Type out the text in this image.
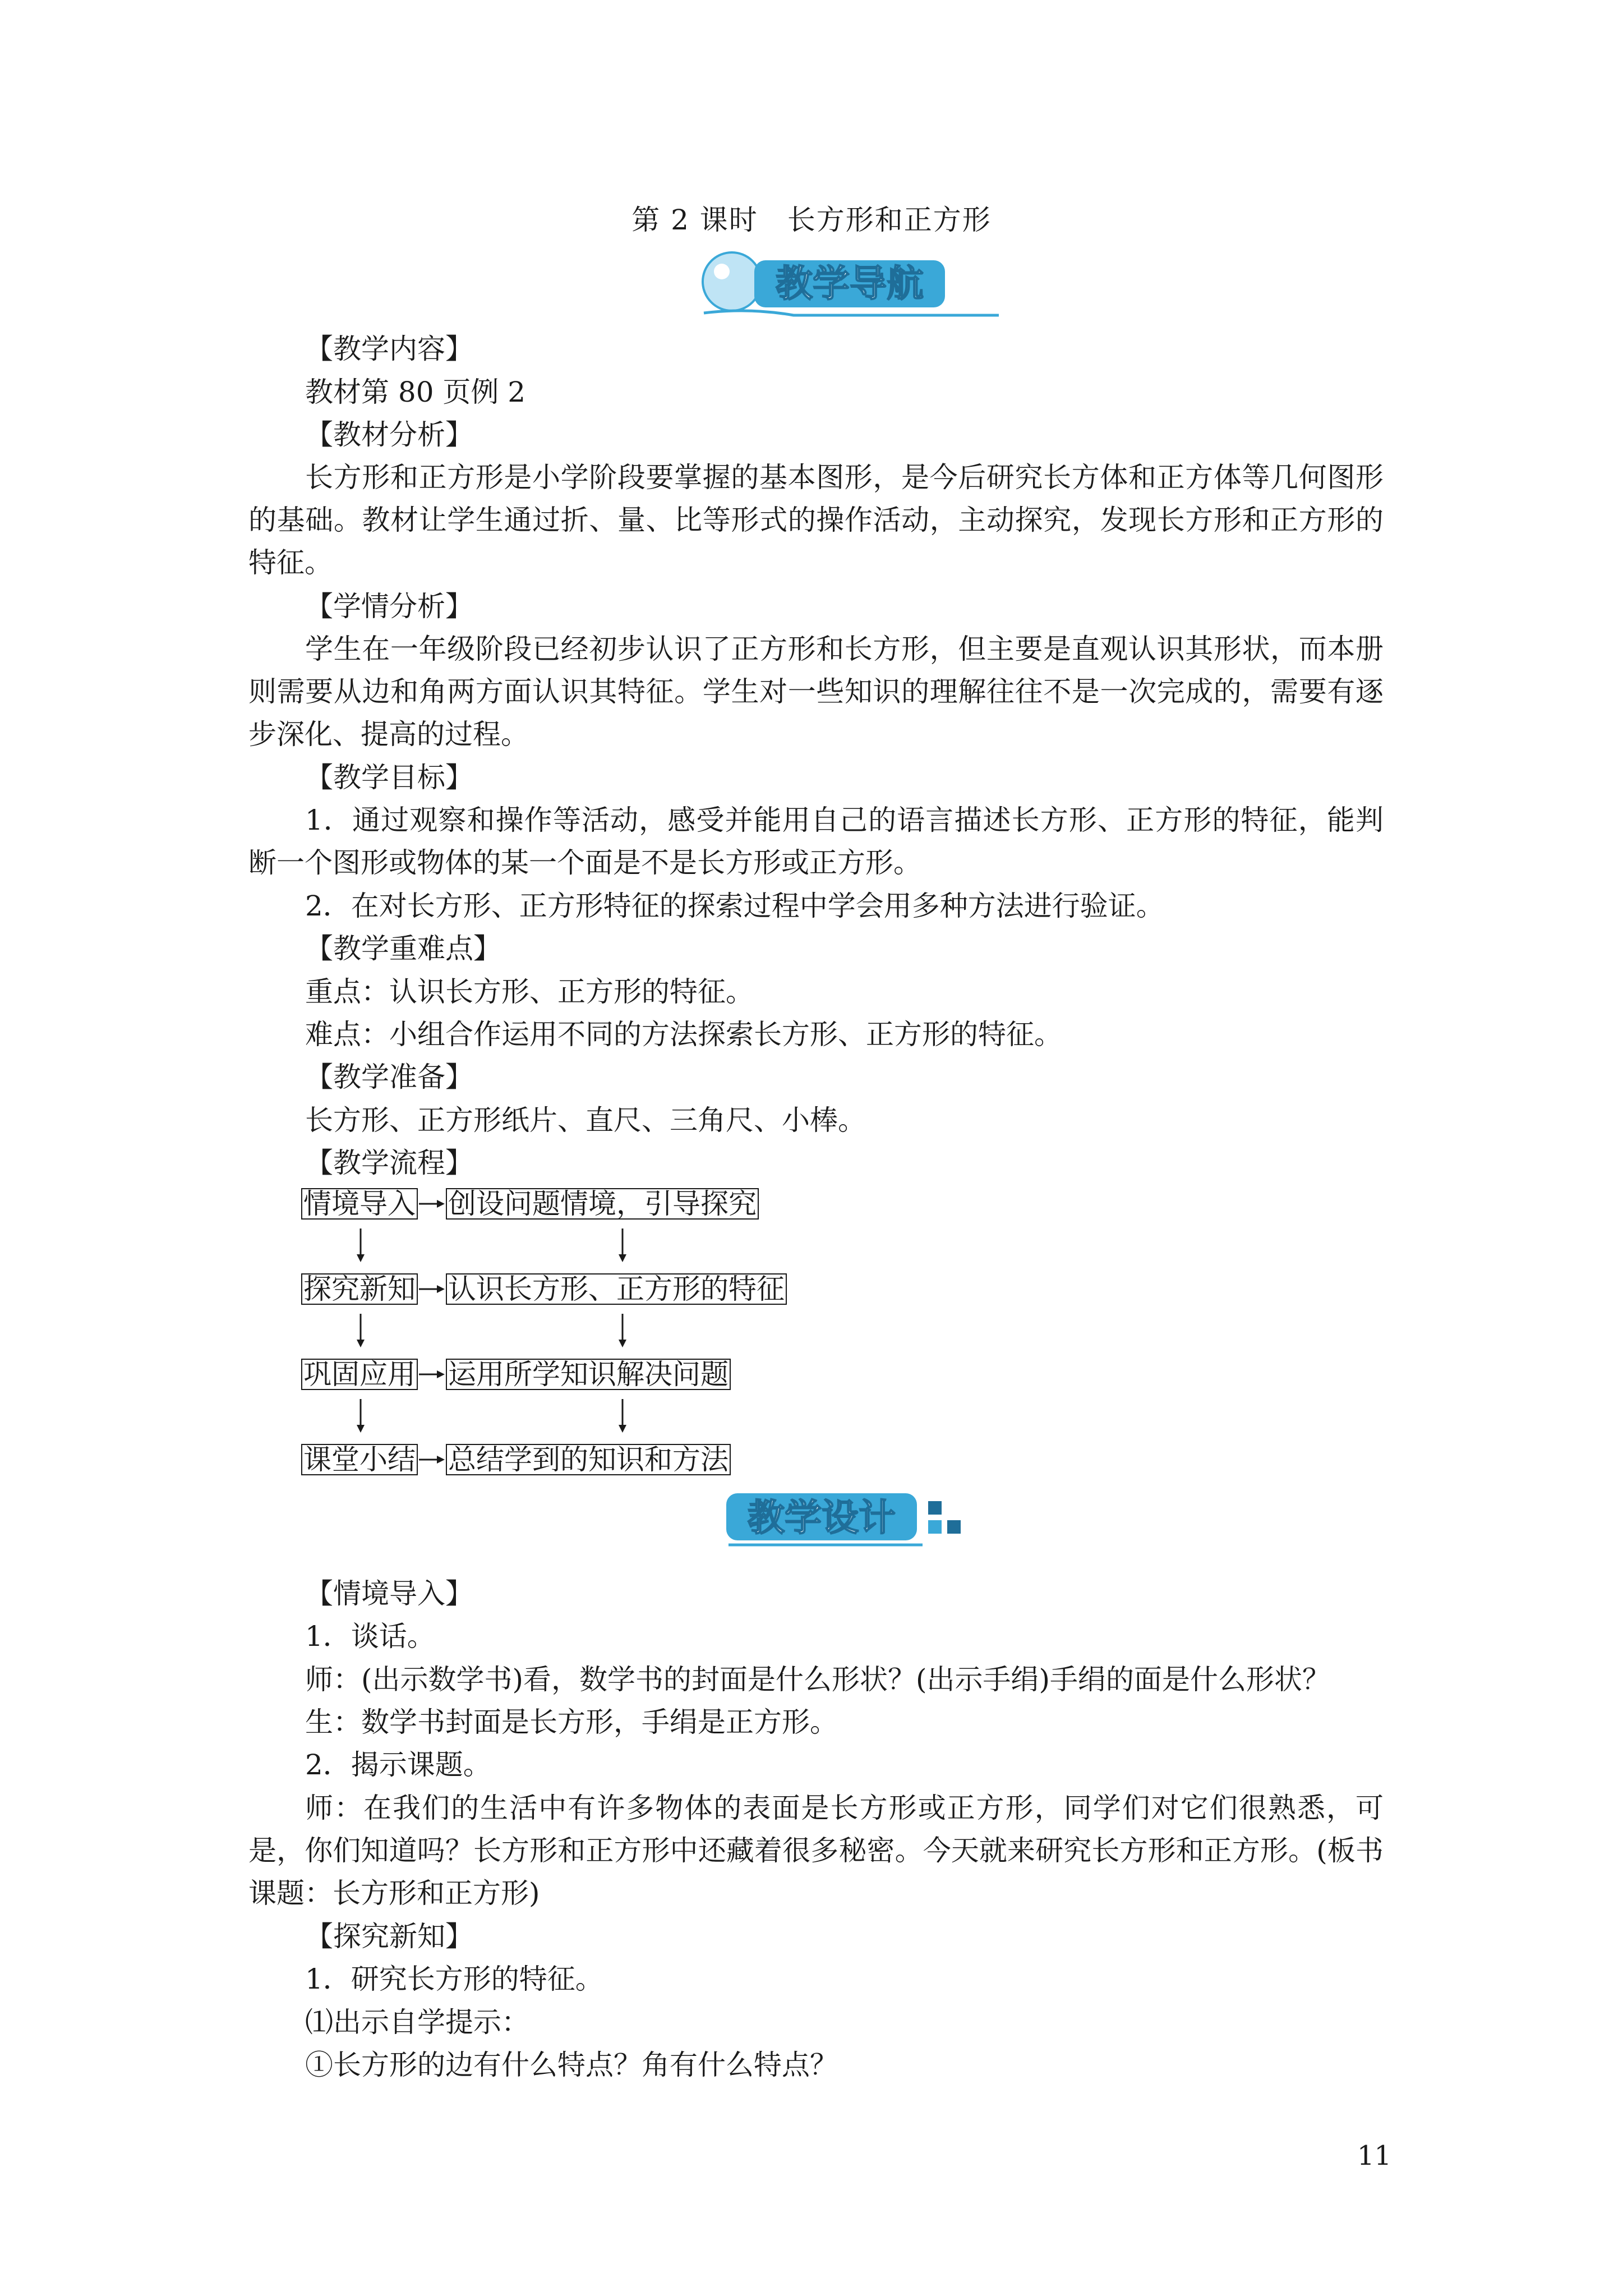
第 2 课时　长方形和正方形
教学导航
【教学内容】
教材第 80 页例 2
【教材分析】

长方形和正方形是小学阶段要掌握的基本图形，是今后研究长方体和正方体等几何图形的基础。教材让学生通过折、量、比等形式的操作活动，主动探究，发现长方形和正方形的特征。

【学情分析】

学生在一年级阶段已经初步认识了正方形和长方形，但主要是直观认识其形状，而本册则需要从边和角两方面认识其特征。学生对一些知识的理解往往不是一次完成的，需要有逐步深化、提高的过程。

【教学目标】

1．通过观察和操作等活动，感受并能用自己的语言描述长方形、正方形的特征，能判断一个图形或物体的某一个面是不是长方形或正方形。

2．在对长方形、正方形特征的探索过程中学会用多种方法进行验证。

【教学重难点】
重点：认识长方形、正方形的特征。
难点：小组合作运用不同的方法探索长方形、正方形的特征。
【教学准备】
长方形、正方形纸片、直尺、三角尺、小棒。
【教学流程】
情境导入 创设问题情境，引导探究
探究新知 认识长方形、正方形的特征
巩固应用 运用所学知识解决问题
课堂小结 总结学到的知识和方法
教学设计
【情境导入】
1．谈话。
师：(出示数学书)看，数学书的封面是什么形状？(出示手绢)手绢的面是什么形状？
生：数学书封面是长方形，手绢是正方形。
2．揭示课题。

师：在我们的生活中有许多物体的表面是长方形或正方形，同学们对它们很熟悉，可是，你们知道吗？长方形和正方形中还藏着很多秘密。今天就来研究长方形和正方形。(板书课题：长方形和正方形)

【探究新知】
1．研究长方形的特征。
⑴出示自学提示：
①长方形的边有什么特点？角有什么特点？
11
